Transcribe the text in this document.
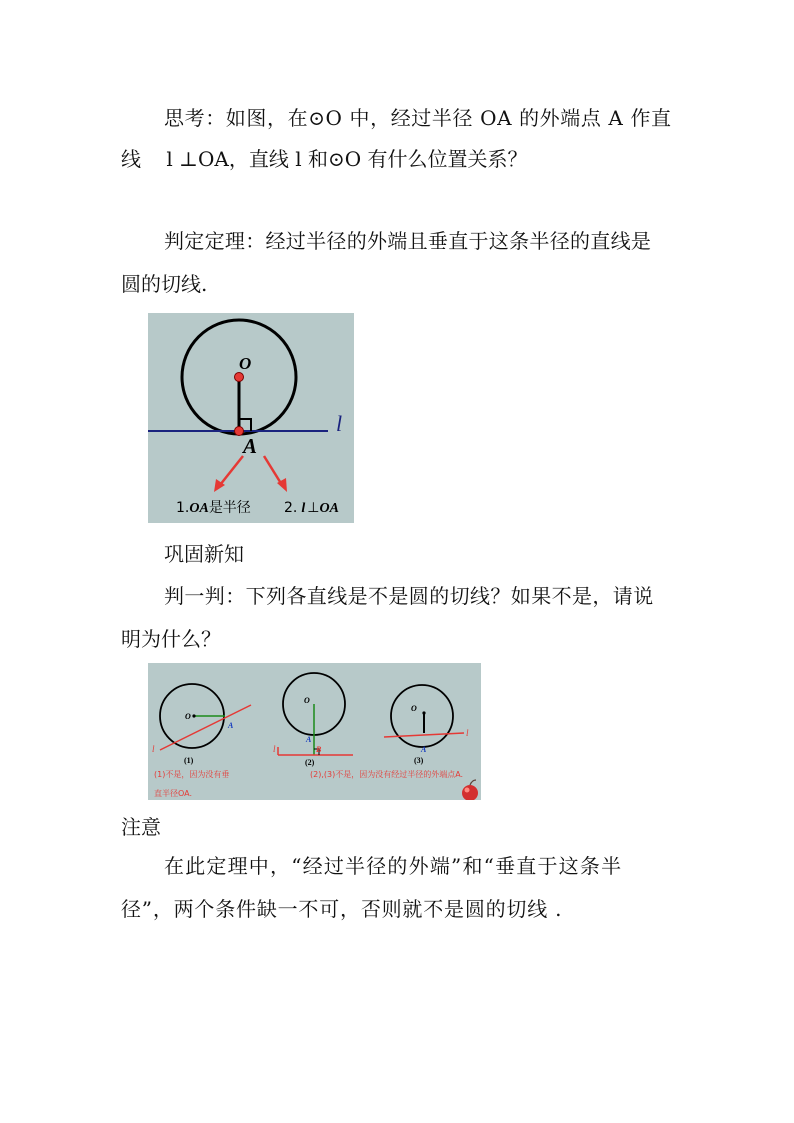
思考：如图，在⊙O 中，经过半径 OA 的外端点 A 作直
线    l ⊥OA，直线 l 和⊙O 有什么位置关系？
判定定理：经过半径的外端且垂直于这条半径的直线是
圆的切线.
O
A
l
1.OA是半径 2. l ⊥OA
巩固新知
判一判：下列各直线是不是圆的切线？如果不是，请说
明为什么？
O
A
l
(1)
O
A
B
l
(2)
O
A
l
(3)
(1)不是，因为没有垂
直半径OA.
(2),(3)不是，因为没有经过半径的外端点A.
注意
在此定理中，“经过半径的外端”和“垂直于这条半
径”，两个条件缺一不可，否则就不是圆的切线 .
